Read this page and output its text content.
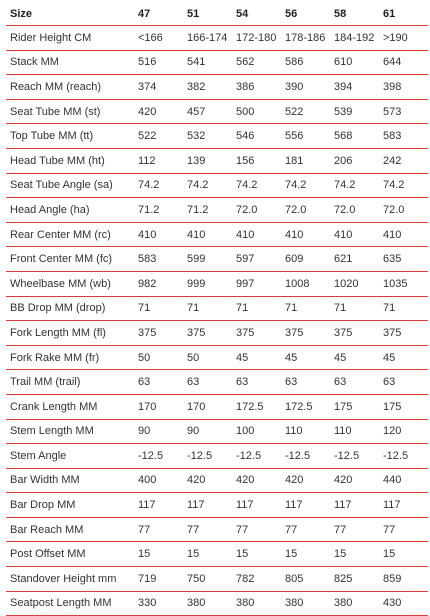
Size	47	51	54	56	58	61
Rider Height CM	<166	166-174	172-180	178-186	184-192	>190
Stack MM	516	541	562	586	610	644
Reach MM (reach)	374	382	386	390	394	398
Seat Tube MM (st)	420	457	500	522	539	573
Top Tube MM (tt)	522	532	546	556	568	583
Head Tube MM (ht)	112	139	156	181	206	242
Seat Tube Angle (sa)	74.2	74.2	74.2	74.2	74.2	74.2
Head Angle (ha)	71.2	71.2	72.0	72.0	72.0	72.0
Rear Center MM (rc)	410	410	410	410	410	410
Front Center MM (fc)	583	599	597	609	621	635
Wheelbase MM (wb)	982	999	997	1008	1020	1035
BB Drop MM (drop)	71	71	71	71	71	71
Fork Length MM (fl)	375	375	375	375	375	375
Fork Rake MM (fr)	50	50	45	45	45	45
Trail MM (trail)	63	63	63	63	63	63
Crank Length MM	170	170	172.5	172.5	175	175
Stem Length MM	90	90	100	110	110	120
Stem Angle	-12.5	-12.5	-12.5	-12.5	-12.5	-12.5
Bar Width MM	400	420	420	420	420	440
Bar Drop MM	117	117	117	117	117	117
Bar Reach MM	77	77	77	77	77	77
Post Offset MM	15	15	15	15	15	15
Standover Height mm	719	750	782	805	825	859
Seatpost Length MM	330	380	380	380	380	430
